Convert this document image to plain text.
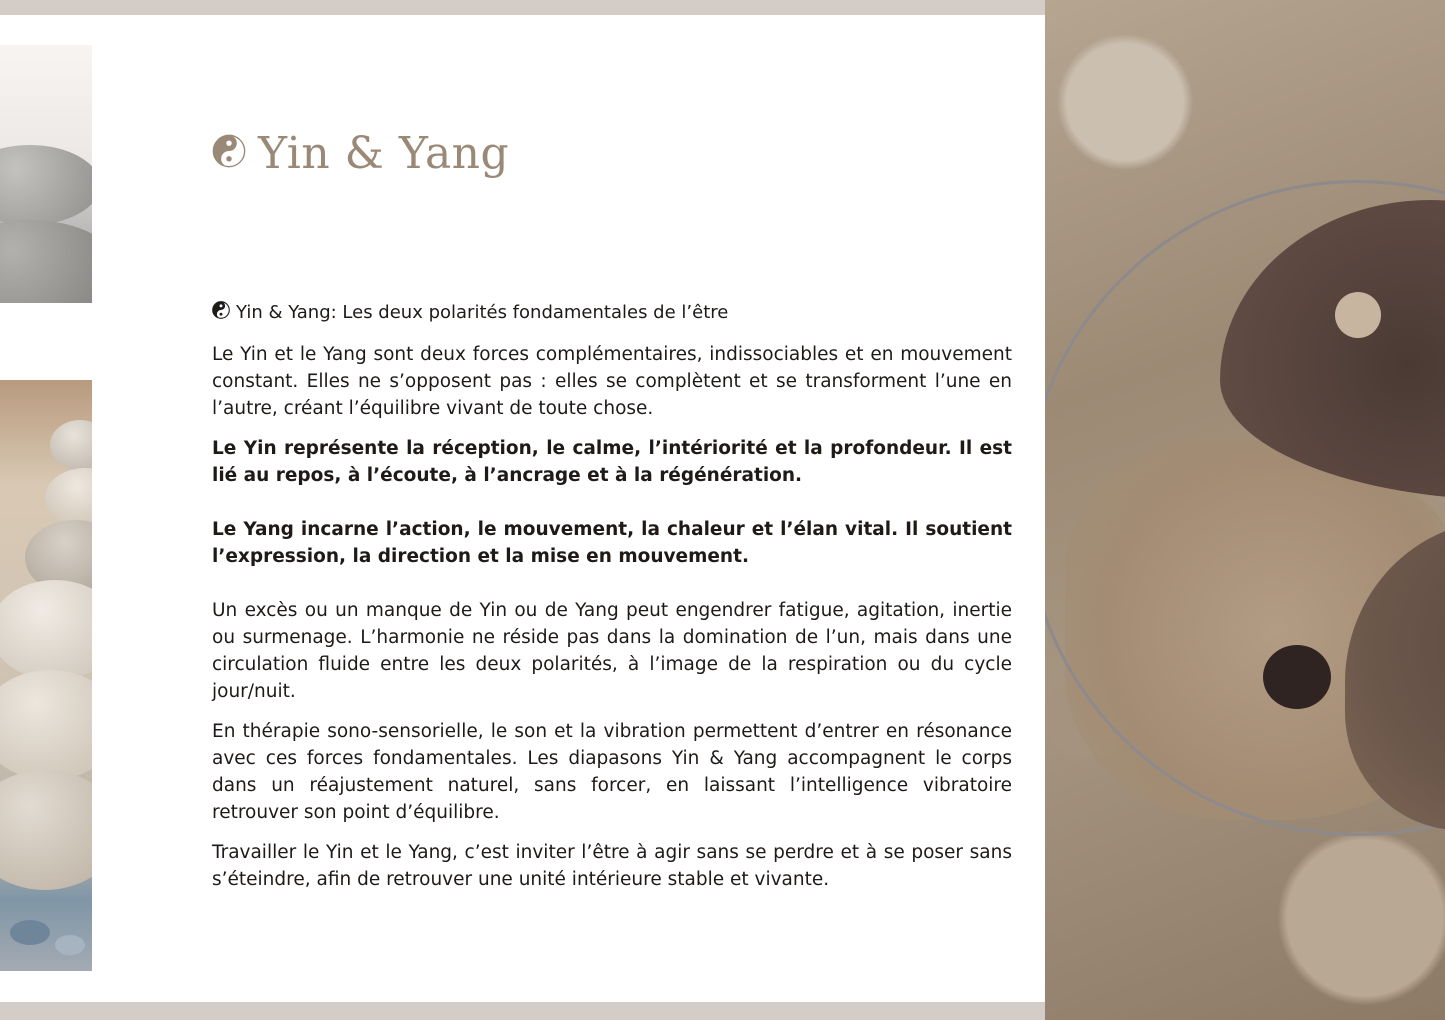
Yin & Yang
Yin & Yang: Les deux polarités fondamentales de l’être

Le Yin et le Yang sont deux forces complémentaires, indissociables et en mouvement constant. Elles ne s’opposent pas : elles se complètent et se transforment l’une en l’autre, créant l’équilibre vivant de toute chose.

Le Yin représente la réception, le calme, l’intériorité et la profondeur. Il est lié au repos, à l’écoute, à l’ancrage et à la régénération.

Le Yang incarne l’action, le mouvement, la chaleur et l’élan vital. Il soutient l’expression, la direction et la mise en mouvement.

Un excès ou un manque de Yin ou de Yang peut engendrer fatigue, agitation, inertie ou surmenage. L’harmonie ne réside pas dans la domination de l’un, mais dans une circulation fluide entre les deux polarités, à l’image de la respiration ou du cycle jour/nuit.

En thérapie sono-sensorielle, le son et la vibration permettent d’entrer en résonance avec ces forces fondamentales. Les diapasons Yin & Yang accompagnent le corps dans un réajustement naturel, sans forcer, en laissant l’intelligence vibratoire retrouver son point d’équilibre.

Travailler le Yin et le Yang, c’est inviter l’être à agir sans se perdre et à se poser sans s’éteindre, afin de retrouver une unité intérieure stable et vivante.
